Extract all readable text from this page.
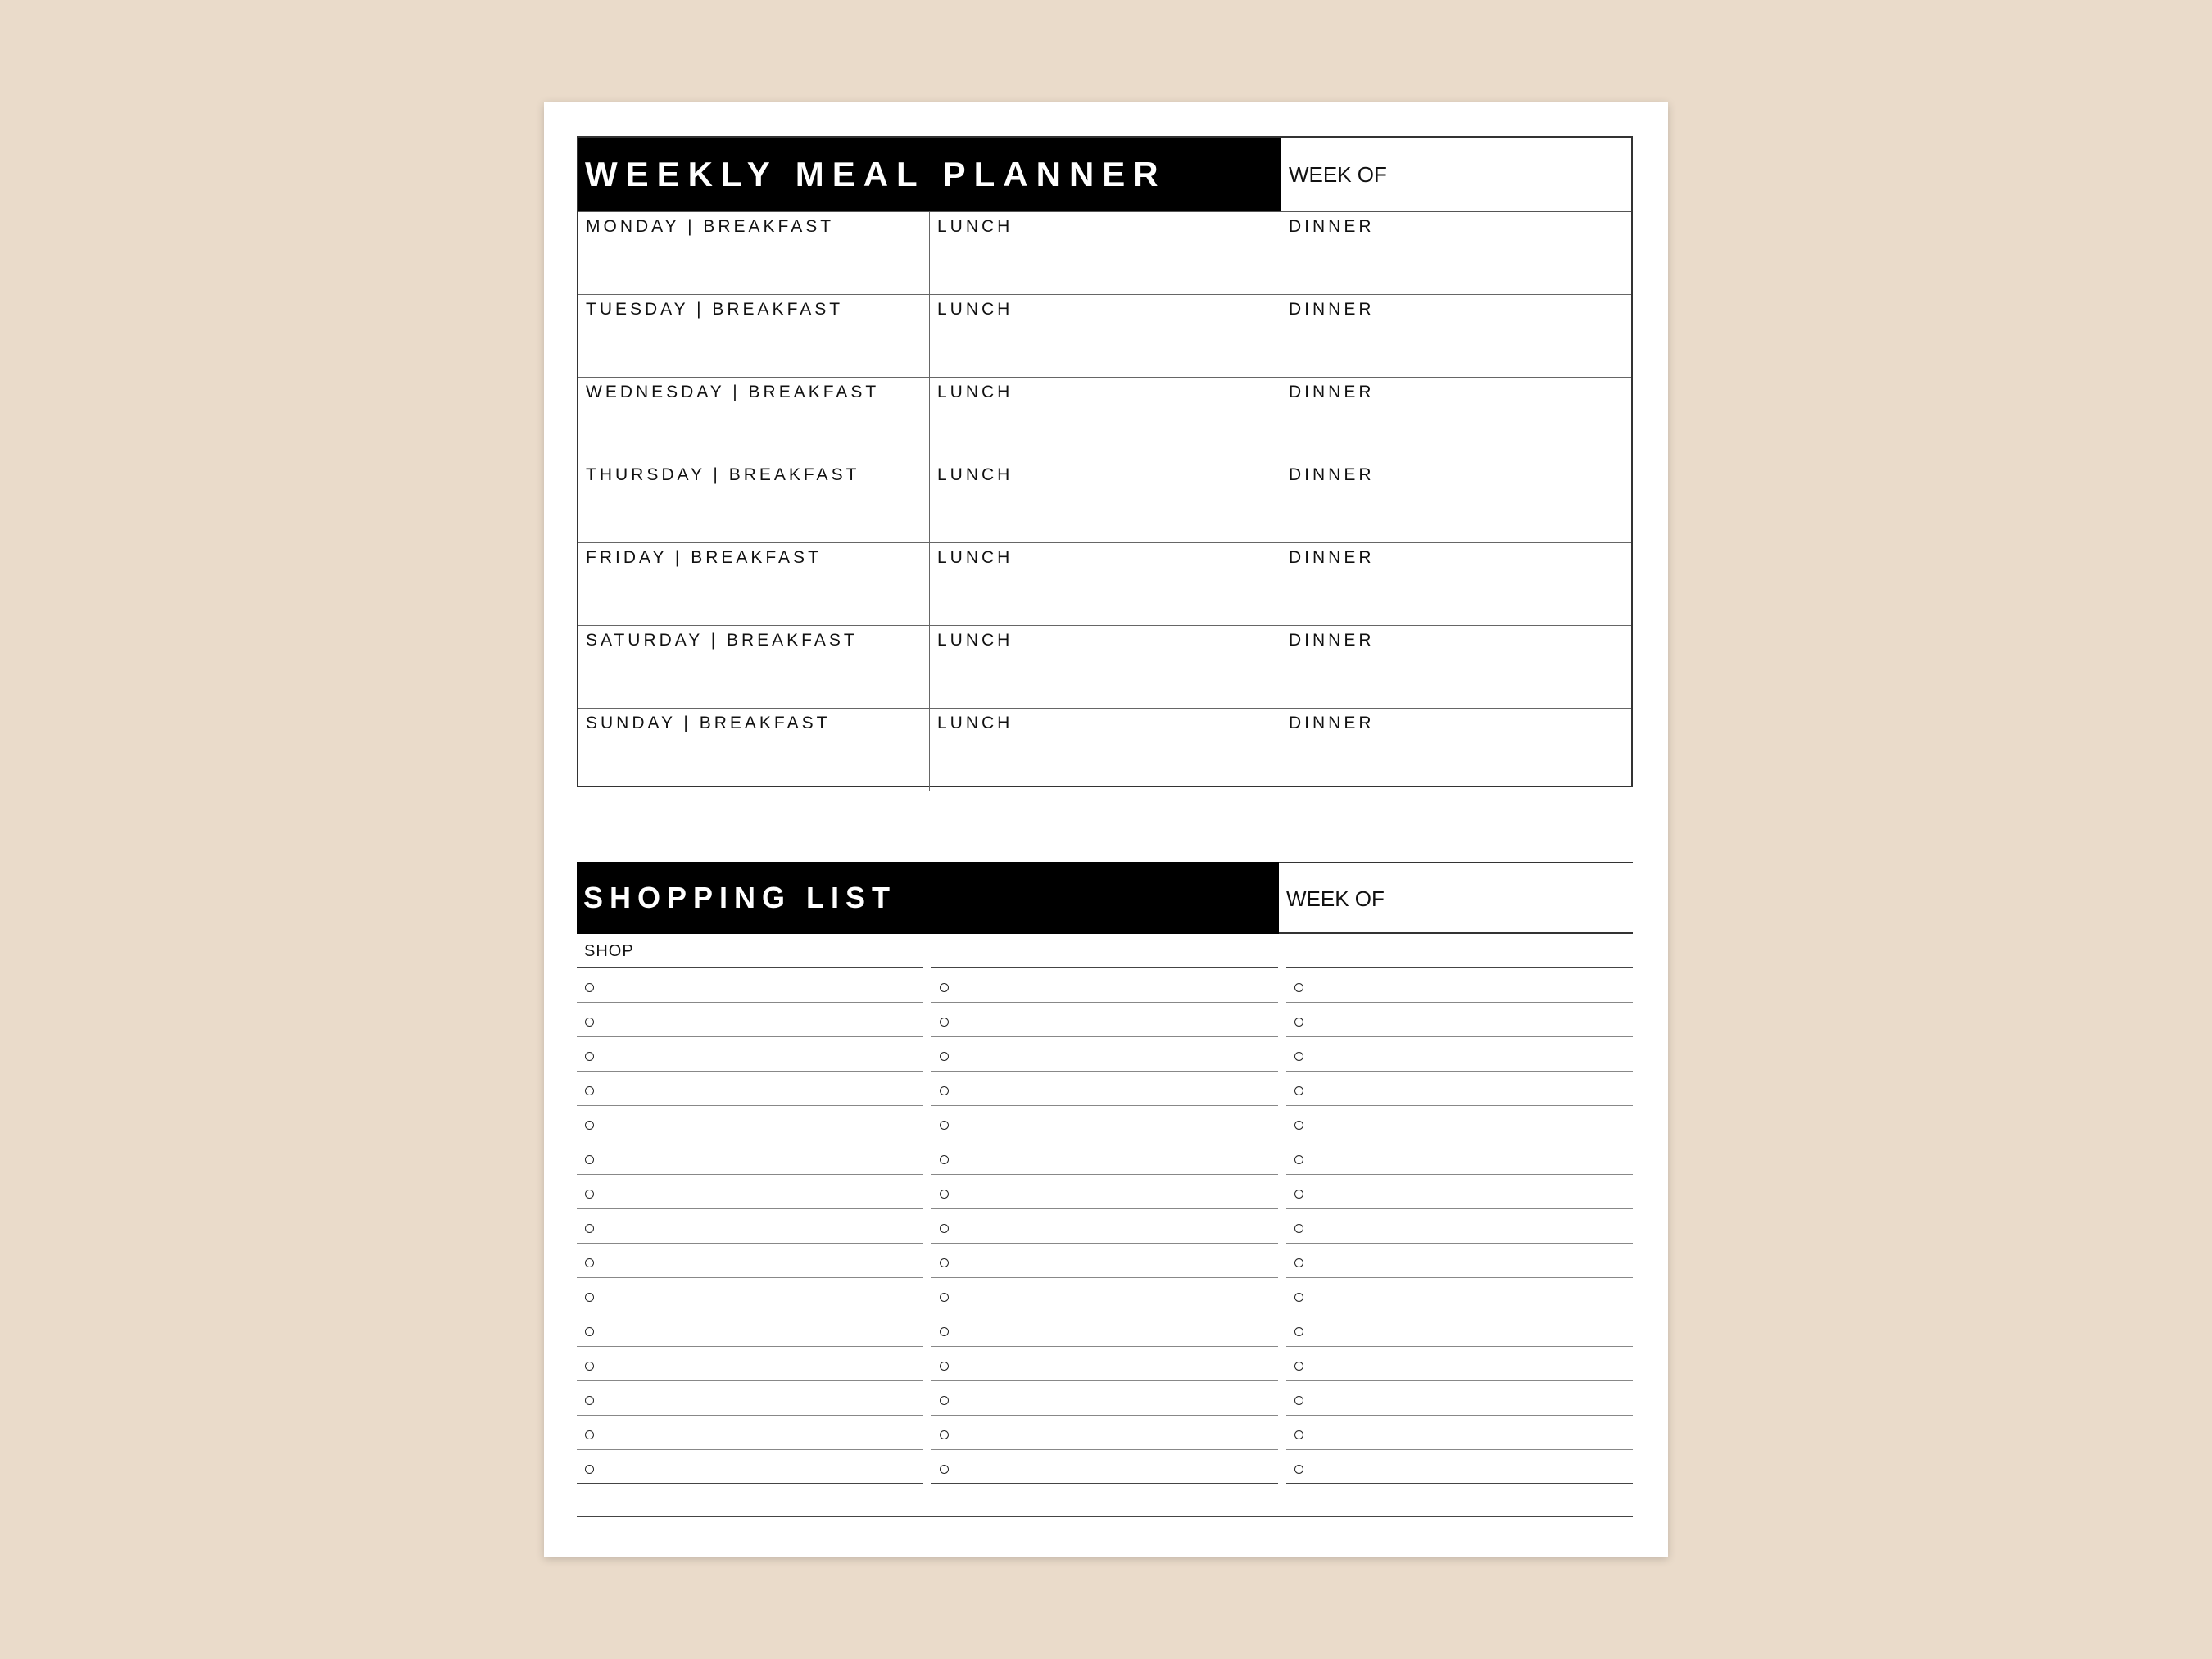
WEEKLY MEAL PLANNER	WEEK OF
MONDAY | BREAKFAST	LUNCH	DINNER
TUESDAY | BREAKFAST	LUNCH	DINNER
WEDNESDAY | BREAKFAST	LUNCH	DINNER
THURSDAY | BREAKFAST	LUNCH	DINNER
FRIDAY | BREAKFAST	LUNCH	DINNER
SATURDAY | BREAKFAST	LUNCH	DINNER
SUNDAY | BREAKFAST	LUNCH	DINNER
SHOPPING LIST	WEEK OF
SHOP
